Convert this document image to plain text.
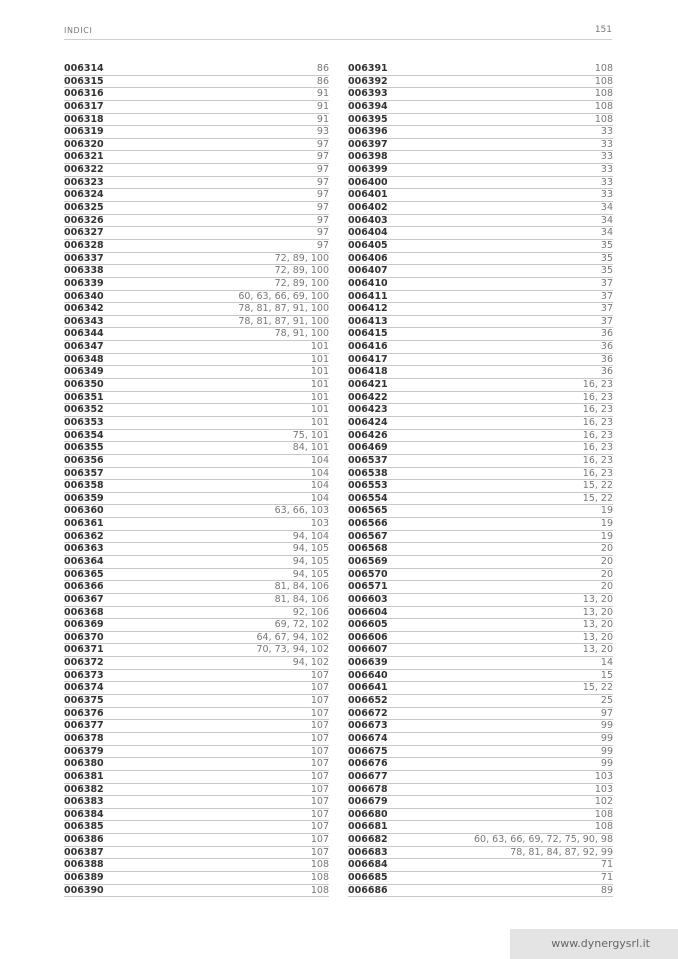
INDICI	151
006314	86
006315	86
006316	91
006317	91
006318	91
006319	93
006320	97
006321	97
006322	97
006323	97
006324	97
006325	97
006326	97
006327	97
006328	97
006337	72, 89, 100
006338	72, 89, 100
006339	72, 89, 100
006340	60, 63, 66, 69, 100
006342	78, 81, 87, 91, 100
006343	78, 81, 87, 91, 100
006344	78, 91, 100
006347	101
006348	101
006349	101
006350	101
006351	101
006352	101
006353	101
006354	75, 101
006355	84, 101
006356	104
006357	104
006358	104
006359	104
006360	63, 66, 103
006361	103
006362	94, 104
006363	94, 105
006364	94, 105
006365	94, 105
006366	81, 84, 106
006367	81, 84, 106
006368	92, 106
006369	69, 72, 102
006370	64, 67, 94, 102
006371	70, 73, 94, 102
006372	94, 102
006373	107
006374	107
006375	107
006376	107
006377	107
006378	107
006379	107
006380	107
006381	107
006382	107
006383	107
006384	107
006385	107
006386	107
006387	107
006388	108
006389	108
006390	108
006391	108
006392	108
006393	108
006394	108
006395	108
006396	33
006397	33
006398	33
006399	33
006400	33
006401	33
006402	34
006403	34
006404	34
006405	35
006406	35
006407	35
006410	37
006411	37
006412	37
006413	37
006415	36
006416	36
006417	36
006418	36
006421	16, 23
006422	16, 23
006423	16, 23
006424	16, 23
006426	16, 23
006469	16, 23
006537	16, 23
006538	16, 23
006553	15, 22
006554	15, 22
006565	19
006566	19
006567	19
006568	20
006569	20
006570	20
006571	20
006603	13, 20
006604	13, 20
006605	13, 20
006606	13, 20
006607	13, 20
006639	14
006640	15
006641	15, 22
006652	25
006672	97
006673	99
006674	99
006675	99
006676	99
006677	103
006678	103
006679	102
006680	108
006681	108
006682	60, 63, 66, 69, 72, 75, 90, 98
006683	78, 81, 84, 87, 92, 99
006684	71
006685	71
006686	89
www.dynergysrl.it
